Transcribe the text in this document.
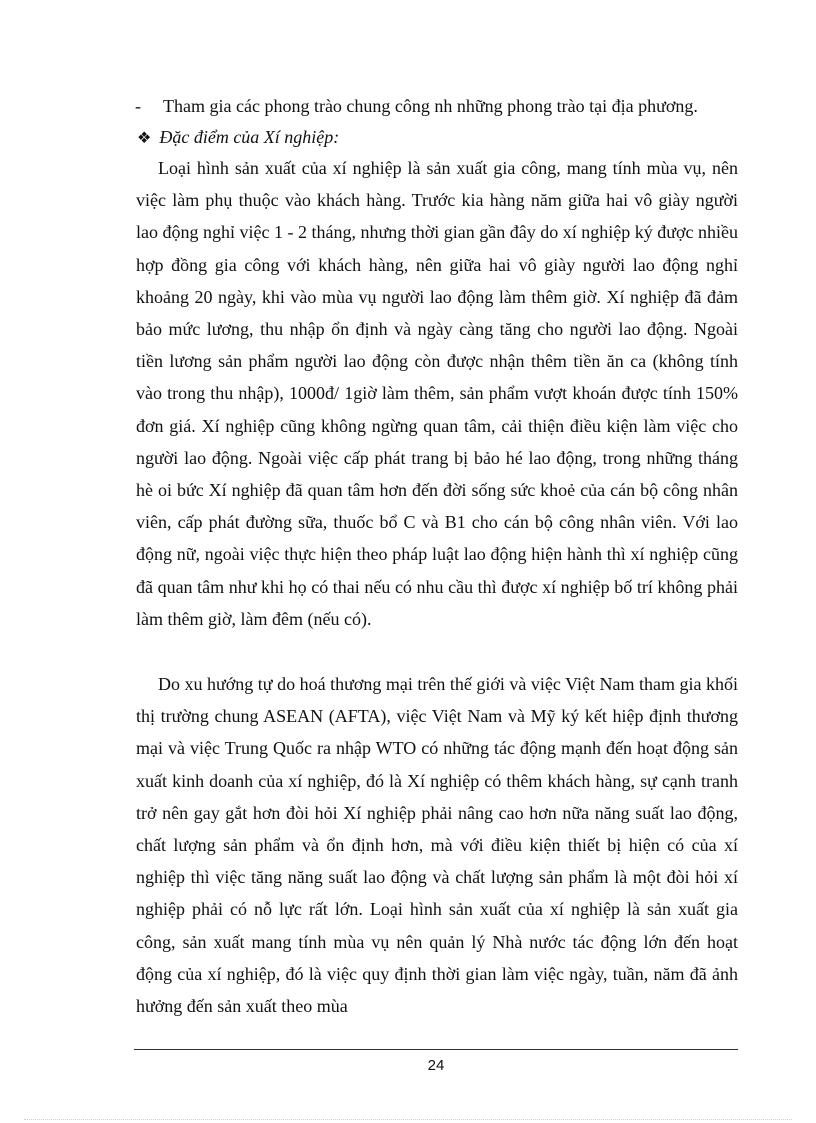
- Tham gia các phong trào chung công nh những phong trào tại địa phương.
❖ Đặc điểm của Xí nghiệp:

Loại hình sản xuất của xí nghiệp là sản xuất gia công, mang tính mùa vụ, nên việc làm phụ thuộc vào khách hàng. Trước kia hàng năm giữa hai vô giày người lao động nghỉ việc 1 - 2 tháng, nhưng thời gian gần đây do xí nghiệp ký được nhiều hợp đồng gia công với khách hàng, nên giữa hai vô giày người lao động nghỉ khoảng 20 ngày, khi vào mùa vụ người lao động làm thêm giờ. Xí nghiệp đã đảm bảo mức lương, thu nhập ổn định và ngày càng tăng cho người lao động. Ngoài tiền lương sản phẩm người lao động còn được nhận thêm tiền ăn ca (không tính vào trong thu nhập), 1000đ/ 1giờ làm thêm, sản phẩm vượt khoán được tính 150% đơn giá. Xí nghiệp cũng không ngừng quan tâm, cải thiện điều kiện làm việc cho người lao động. Ngoài việc cấp phát trang bị bảo hé lao động, trong những tháng hè oi bức Xí nghiệp đã quan tâm hơn đến đời sống sức khoẻ của cán bộ công nhân viên, cấp phát đường sữa, thuốc bổ C và B1 cho cán bộ công nhân viên. Với lao động nữ, ngoài việc thực hiện theo pháp luật lao động hiện hành thì xí nghiệp cũng đã quan tâm như khi họ có thai nếu có nhu cầu thì được xí nghiệp bố trí không phải làm thêm giờ, làm đêm (nếu có).

Do xu hướng tự do hoá thương mại trên thế giới và việc Việt Nam tham gia khối thị trường chung ASEAN (AFTA), việc Việt Nam và Mỹ ký kết hiệp định thương mại và việc Trung Quốc ra nhập WTO có những tác động mạnh đến hoạt động sản xuất kinh doanh của xí nghiệp, đó là Xí nghiệp có thêm khách hàng, sự cạnh tranh trở nên gay gắt hơn đòi hỏi Xí nghiệp phải nâng cao hơn nữa năng suất lao động, chất lượng sản phẩm và ổn định hơn, mà với điều kiện thiết bị hiện có của xí nghiệp thì việc tăng năng suất lao động và chất lượng sản phẩm là một đòi hỏi xí nghiệp phải có nỗ lực rất lớn. Loại hình sản xuất của xí nghiệp là sản xuất gia công, sản xuất mang tính mùa vụ nên quản lý Nhà nước tác động lớn đến hoạt động của xí nghiệp, đó là việc quy định thời gian làm việc ngày, tuần, năm đã ảnh hưởng đến sản xuất theo mùa

24
